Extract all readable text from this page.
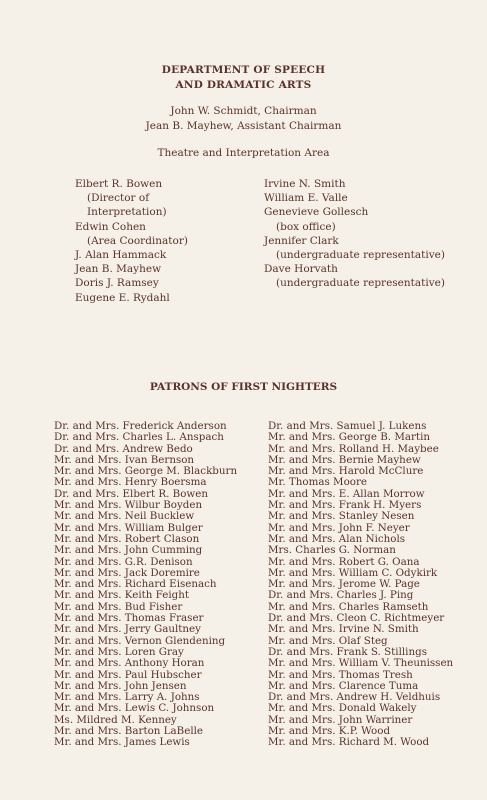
DEPARTMENT OF SPEECH
AND DRAMATIC ARTS
John W. Schmidt, Chairman
Jean B. Mayhew, Assistant Chairman
Theatre and Interpretation Area
Elbert R. Bowen
(Director of
Interpretation)
Edwin Cohen
(Area Coordinator)
J. Alan Hammack
Jean B. Mayhew
Doris J. Ramsey
Eugene E. Rydahl
Irvine N. Smith
William E. Valle
Genevieve Gollesch
(box office)
Jennifer Clark
(undergraduate representative)
Dave Horvath
(undergraduate representative)
PATRONS OF FIRST NIGHTERS
Dr. and Mrs. Frederick Anderson
Dr. and Mrs. Charles L. Anspach
Dr. and Mrs. Andrew Bedo
Mr. and Mrs. Ivan Bernson
Mr. and Mrs. George M. Blackburn
Mr. and Mrs. Henry Boersma
Dr. and Mrs. Elbert R. Bowen
Mr. and Mrs. Wilbur Boyden
Mr. and Mrs. Neil Bucklew
Mr. and Mrs. William Bulger
Mr. and Mrs. Robert Clason
Mr. and Mrs. John Cumming
Mr. and Mrs. G.R. Denison
Mr. and Mrs. Jack Doremire
Mr. and Mrs. Richard Eisenach
Mr. and Mrs. Keith Feight
Mr. and Mrs. Bud Fisher
Mr. and Mrs. Thomas Fraser
Mr. and Mrs. Jerry Gaultney
Mr. and Mrs. Vernon Glendening
Mr. and Mrs. Loren Gray
Mr. and Mrs. Anthony Horan
Mr. and Mrs. Paul Hubscher
Mr. and Mrs. John Jensen
Mr. and Mrs. Larry A. Johns
Mr. and Mrs. Lewis C. Johnson
Ms. Mildred M. Kenney
Mr. and Mrs. Barton LaBelle
Mr. and Mrs. James Lewis
Dr. and Mrs. Samuel J. Lukens
Mr. and Mrs. George B. Martin
Mr. and Mrs. Rolland H. Maybee
Mr. and Mrs. Bernie Mayhew
Mr. and Mrs. Harold McClure
Mr. Thomas Moore
Mr. and Mrs. E. Allan Morrow
Mr. and Mrs. Frank H. Myers
Mr. and Mrs. Stanley Nesen
Mr. and Mrs. John F. Neyer
Mr. and Mrs. Alan Nichols
Mrs. Charles G. Norman
Mr. and Mrs. Robert G. Oana
Mr. and Mrs. William C. Odykirk
Mr. and Mrs. Jerome W. Page
Dr. and Mrs. Charles J. Ping
Mr. and Mrs. Charles Ramseth
Dr. and Mrs. Cleon C. Richtmeyer
Mr. and Mrs. Irvine N. Smith
Mr. and Mrs. Olaf Steg
Dr. and Mrs. Frank S. Stillings
Mr. and Mrs. William V. Theunissen
Mr. and Mrs. Thomas Tresh
Mr. and Mrs. Clarence Tuma
Dr. and Mrs. Andrew H. Veldhuis
Mr. and Mrs. Donald Wakely
Mr. and Mrs. John Warriner
Mr. and Mrs. K.P. Wood
Mr. and Mrs. Richard M. Wood
